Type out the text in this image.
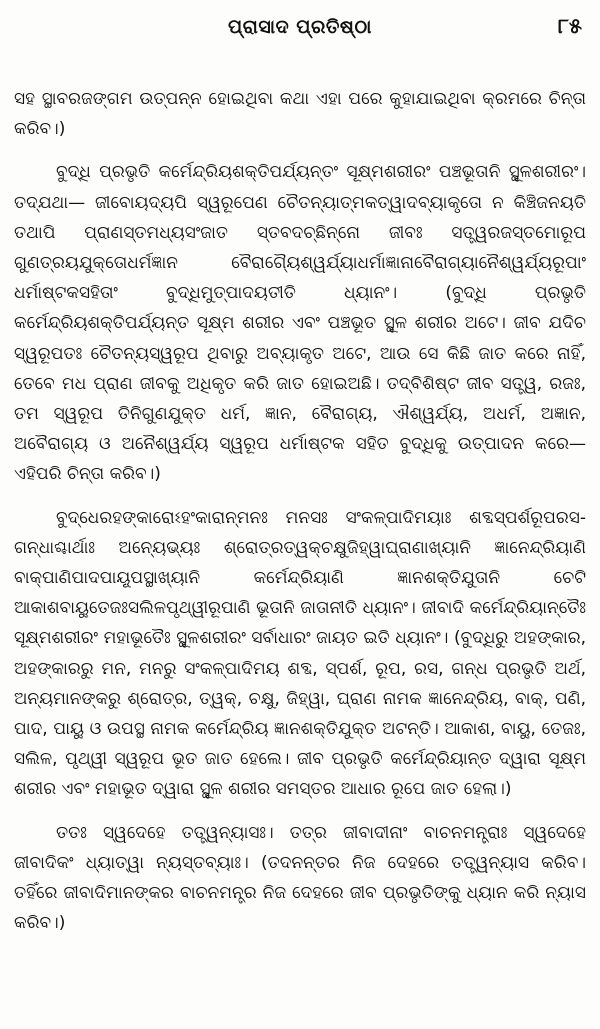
ପ୍ରାସାଦ ପ୍ରତିଷ୍ଠା	୮୫

ସହ ସ୍ଥାବରଜଙ୍ଗମ ଉତ୍ପନ୍ନ ହୋଇଥିବା କଥା ଏହା ପରେ କୁହାଯାଇଥିବା କ୍ରମରେ ଚିନ୍ତା କରିବ।)

ବୁଦ୍ଧି ପ୍ରଭୃତି କର୍ମେନ୍ଦ୍ରିୟଶକ୍ତିପର୍ଯ୍ୟନ୍ତଂ ସୂକ୍ଷ୍ମଶରୀରଂ ପଞ୍ଚଭୂତାନି ସ୍ଥୂଳଶରୀରଂ। ତଦ୍‌ଯଥା— ଜୀବୋୟଦ୍ୟପି ସ୍ୱରୂପେଣ ଚୈତନ୍ୟାତ୍ମକତ୍ୱାଦବ୍ୟାକୃତୋ ନ କିଞ୍ଚିଜନୟତି ତଥାପି ପ୍ରାଣସ୍ତମଧ୍ୟସଂଜାତ ସ୍ତବଦଚ୍ଛିନ୍ନୋ ଜୀବଃ ସତ୍ତ୍ୱରଜସ୍ତମୋରୂପ ଗୁଣତ୍ରୟଯୁକ୍ତୋଧର୍ମଜ୍ଞାନ ବୈରାଗ୍ୟୈଶ୍ୱର୍ଯ୍ୟାଧର୍ମାଜ୍ଞାନାବୈରାଗ୍ୟାନୈଶ୍ୱର୍ଯ୍ୟରୂପାଂ ଧର୍ମାଷ୍ଟକସହିତାଂ ବୁଦ୍ଧିମୁତ୍ପାଦୟତୀତି ଧ୍ୟାନଂ। (ବୁଦ୍ଧି ପ୍ରଭୃତି କର୍ମେନ୍ଦ୍ରିୟଶକ୍ତିପର୍ଯ୍ୟନ୍ତ ସୂକ୍ଷ୍ମ ଶରୀର ଏବଂ ପଞ୍ଚଭୂତ ସ୍ଥୂଳ ଶରୀର ଅଟେ। ଜୀବ ଯଦିଚ ସ୍ୱରୂପତଃ ଚୈତନ୍ୟସ୍ୱରୂପ ଥିବାରୁ ଅବ୍ୟାକୃତ ଅଟେ, ଆଉ ସେ କିଛି ଜାତ କରେ ନାହିଁ, ତେବେ ମଧ ପ୍ରାଣ ଜୀବକୁ ଅଧିକୃତ କରି ଜାତ ହୋଇଅଛି। ତଦ୍‌ବିଶିଷ୍ଟ ଜୀବ ସତ୍ତ୍ୱ, ରଜଃ, ତମ ସ୍ୱରୂପ ତିନିଗୁଣଯୁକ୍ତ ଧର୍ମ, ଜ୍ଞାନ, ବୈରାଗ୍ୟ, ଐଶ୍ୱର୍ଯ୍ୟ, ଅଧର୍ମ, ଅଜ୍ଞାନ, ଅବୈରାଗ୍ୟ ଓ ଅନୈଶ୍ୱର୍ଯ୍ୟ ସ୍ୱରୂପ ଧର୍ମାଷ୍ଟକ ସହିତ ବୁଦ୍ଧିକୁ ଉତ୍ପାଦନ କରେ— ଏହିପରି ଚିନ୍ତା କରିବ।)

ବୁଦ୍ଧେରହଙ୍କାରୋଽହଂକାରାନ୍ମନଃ ମନସଃ ସଂକଳ୍ପାଦିମୟାଃ ଶବ୍ଦସ୍ପର୍ଶରୂପରସ-ଗନ୍ଧାଶ୍ଚାର୍ଥାଃ ଅନ୍ୟେଭ୍ୟଃ ଶ୍ରୋତ୍ରତ୍ୱକ୍‌ଚକ୍ଷୁଜିହ୍ୱାଘ୍ରାଣାଖ୍ୟାନି ଜ୍ଞାନେନ୍ଦ୍ରିୟାଣି ବାକ୍‌ପାଣିପାଦପାୟୂପସ୍ଥାଖ୍ୟାନି କର୍ମେନ୍ଦ୍ରିୟାଣି ଜ୍ଞାନଶକ୍ତିଯୁତାନି ଚେଟି ଆକାଶବାୟୁତେଜଃସଲିଳପୃଥ୍ୱୀରୂପାଣି ଭୂତାନି ଜାତାନୀତି ଧ୍ୟାନଂ। ଜୀବାଦି କର୍ମେନ୍ଦ୍ରିୟାନ୍ତୈଃ ସୂକ୍ଷ୍ମଶରୀରଂ ମହାଭୂତୈଃ ସ୍ଥୂଳଶରୀରଂ ସର୍ବାଧାରଂ ଜାୟତ ଇତି ଧ୍ୟାନଂ। (ବୁଦ୍ଧିରୁ ଅହଙ୍କାର, ଅହଙ୍କାରରୁ ମନ, ମନରୁ ସଂକଳ୍ପାଦିମୟ ଶବ୍ଦ, ସ୍ପର୍ଶ, ରୂପ, ରସ, ଗନ୍ଧ ପ୍ରଭୃତି ଅର୍ଥ, ଅନ୍ୟମାନଙ୍କରୁ ଶ୍ରୋତ୍ର, ତ୍ୱକ୍, ଚକ୍ଷୁ, ଜିହ୍ୱା, ଘ୍ରାଣ ନାମକ ଜ୍ଞାନେନ୍ଦ୍ରିୟ, ବାକ୍, ପଣି, ପାଦ, ପାୟୁ ଓ ଉପସ୍ଥ ନାମକ କର୍ମେନ୍ଦ୍ରିୟ ଜ୍ଞାନଶକ୍ତିଯୁକ୍ତ ଅଟନ୍ତି। ଆକାଶ, ବାୟୁ, ତେଜଃ, ସଲିଳ, ପୃଥ୍ୱୀ ସ୍ୱରୂପ ଭୂତ ଜାତ ହେଲେ। ଜୀବ ପ୍ରଭୃତି କର୍ମେନ୍ଦ୍ରିୟାନ୍ତ ଦ୍ୱାରା ସୂକ୍ଷ୍ମ ଶରୀର ଏବଂ ମହାଭୂତ ଦ୍ୱାରା ସ୍ଥୂଳ ଶରୀର ସମସ୍ତର ଆଧାର ରୂପେ ଜାତ ହେଲା।)

ତତଃ ସ୍ୱଦେହେ ତତ୍ତ୍ୱନ୍ୟାସଃ। ତତ୍ର ଜୀବାଦୀନାଂ ବାଚନମନ୍ତ୍ରାଃ ସ୍ୱଦେହେ ଜୀବାଦିକଂ ଧ୍ୟାତ୍ୱା ନ୍ୟସ୍ତବ୍ୟାଃ। (ତଦନନ୍ତର ନିଜ ଦେହରେ ତତ୍ତ୍ୱନ୍ୟାସ କରିବ। ତହିଁରେ ଜୀବାଦିମାନଙ୍କର ବାଚନମନ୍ତ୍ର ନିଜ ଦେହରେ ଜୀବ ପ୍ରଭୃତିଙ୍କୁ ଧ୍ୟାନ କରି ନ୍ୟାସ କରିବ।)
